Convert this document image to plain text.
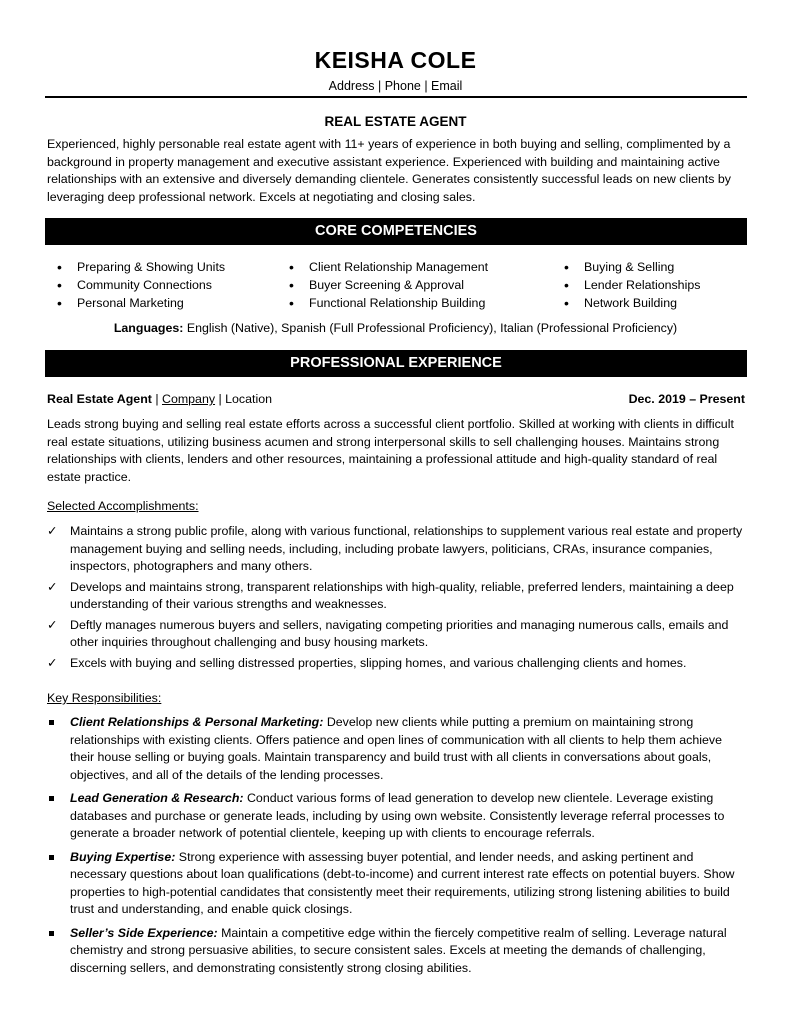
KEISHA COLE
Address | Phone | Email
REAL ESTATE AGENT
Experienced, highly personable real estate agent with 11+ years of experience in both buying and selling, complimented by a background in property management and executive assistant experience. Experienced with building and maintaining active relationships with an extensive and diversely demanding clientele. Generates consistently successful leads on new clients by leveraging deep professional network. Excels at negotiating and closing sales.
CORE COMPETENCIES
• Preparing & Showing Units
• Community Connections
• Personal Marketing
• Client Relationship Management
• Buyer Screening & Approval
• Functional Relationship Building
• Buying & Selling
• Lender Relationships
• Network Building
Languages: English (Native), Spanish (Full Professional Proficiency), Italian (Professional Proficiency)
PROFESSIONAL EXPERIENCE
Real Estate Agent | Company | Location	Dec. 2019 – Present
Leads strong buying and selling real estate efforts across a successful client portfolio. Skilled at working with clients in difficult real estate situations, utilizing business acumen and strong interpersonal skills to sell challenging houses. Maintains strong relationships with clients, lenders and other resources, maintaining a professional attitude and high-quality standard of real estate practice.
Selected Accomplishments:
✓ Maintains a strong public profile, along with various functional, relationships to supplement various real estate and property management buying and selling needs, including, including probate lawyers, politicians, CRAs, insurance companies, inspectors, photographers and many others.
✓ Develops and maintains strong, transparent relationships with high-quality, reliable, preferred lenders, maintaining a deep understanding of their various strengths and weaknesses.
✓ Deftly manages numerous buyers and sellers, navigating competing priorities and managing numerous calls, emails and other inquiries throughout challenging and busy housing markets.
✓ Excels with buying and selling distressed properties, slipping homes, and various challenging clients and homes.
Key Responsibilities:
Client Relationships & Personal Marketing: Develop new clients while putting a premium on maintaining strong relationships with existing clients. Offers patience and open lines of communication with all clients to help them achieve their house selling or buying goals. Maintain transparency and build trust with all clients in conversations about goals, objectives, and all of the details of the lending processes.
Lead Generation & Research: Conduct various forms of lead generation to develop new clientele. Leverage existing databases and purchase or generate leads, including by using own website. Consistently leverage referral processes to generate a broader network of potential clientele, keeping up with clients to encourage referrals.
Buying Expertise: Strong experience with assessing buyer potential, and lender needs, and asking pertinent and necessary questions about loan qualifications (debt-to-income) and current interest rate effects on potential buyers. Show properties to high-potential candidates that consistently meet their requirements, utilizing strong listening abilities to build trust and understanding, and enable quick closings.
Seller’s Side Experience: Maintain a competitive edge within the fiercely competitive realm of selling. Leverage natural chemistry and strong persuasive abilities, to secure consistent sales. Excels at meeting the demands of challenging, discerning sellers, and demonstrating consistently strong closing abilities.
